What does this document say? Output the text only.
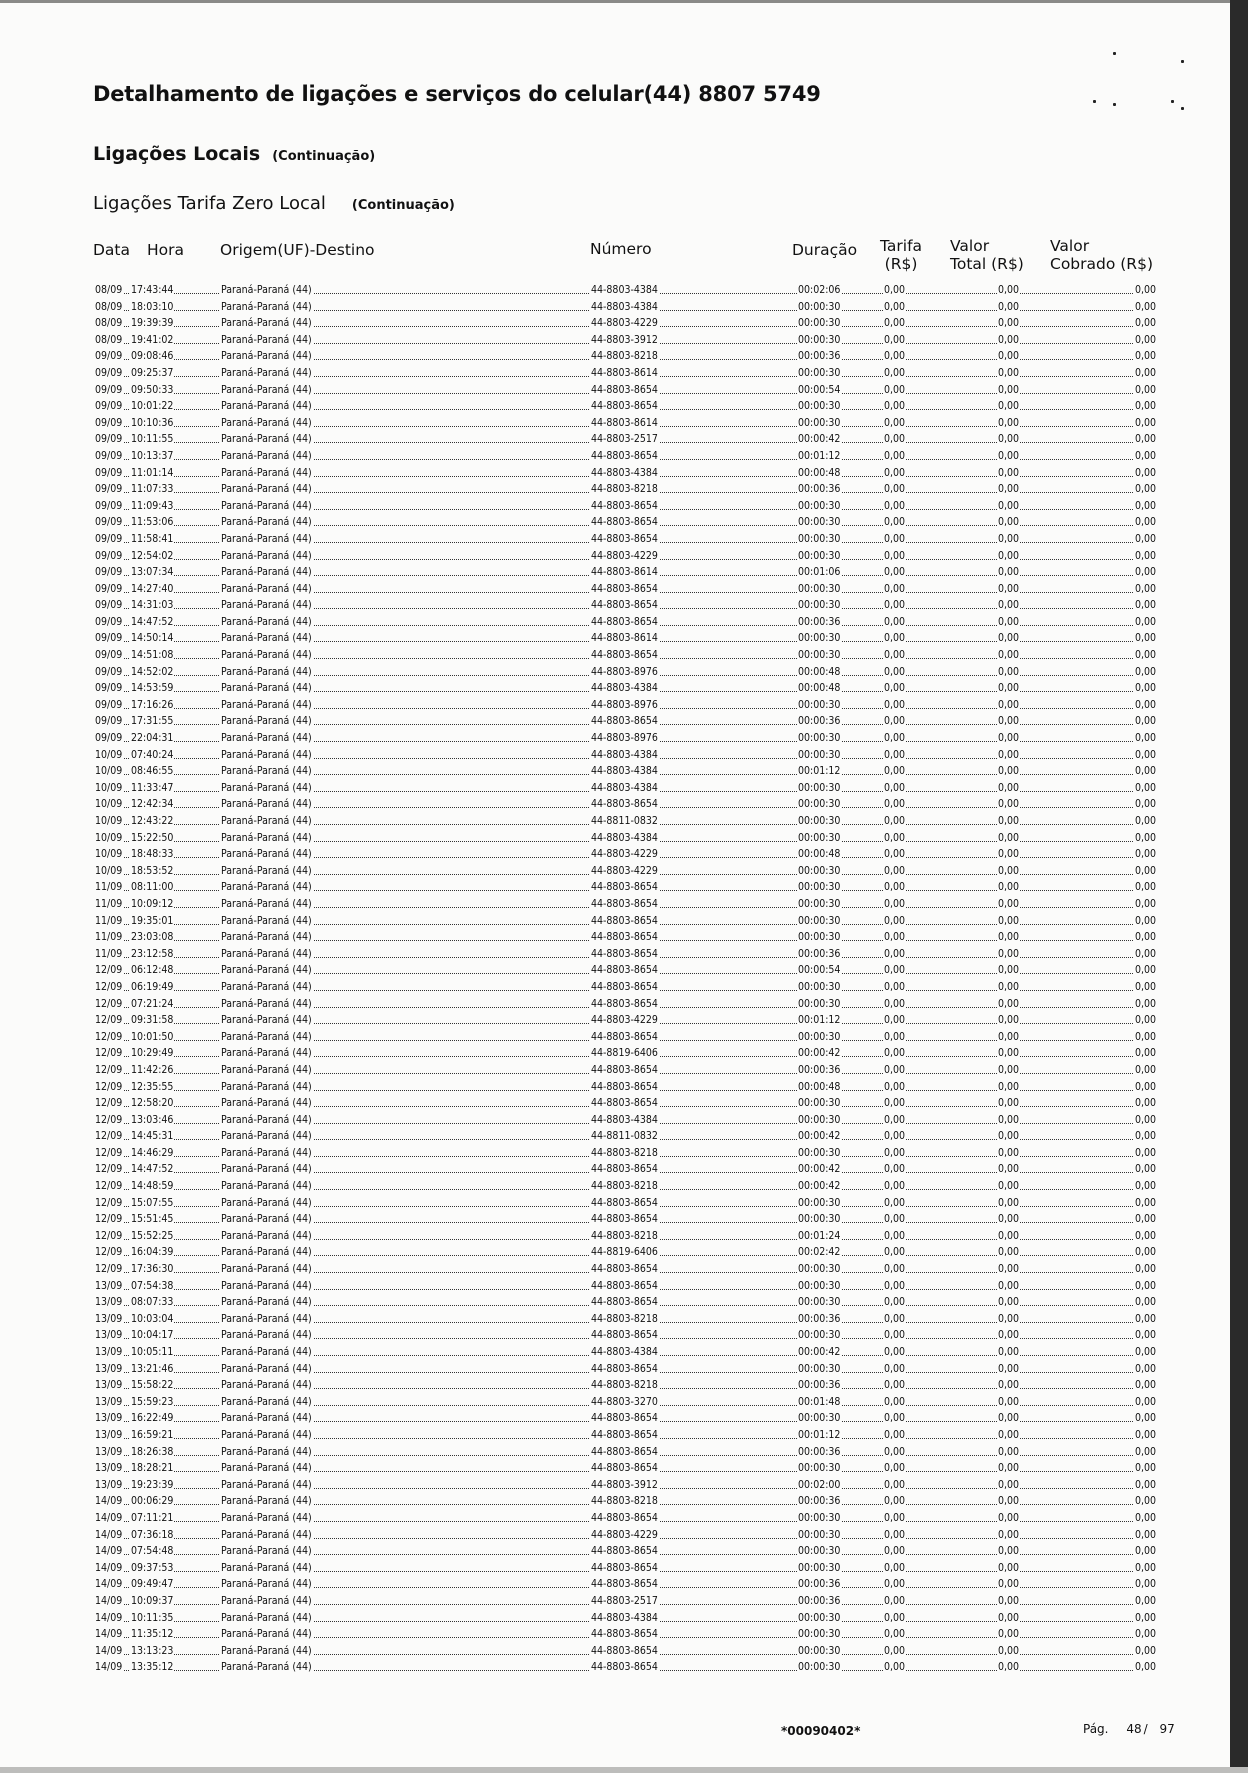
Detalhamento de ligações e serviços do celular(44) 8807 5749
Ligações Locais (Continuação)
Ligações Tarifa Zero Local (Continuação)
Data Hora Origem(UF)-Destino	Número	Duração Tarifa
(R$)
Valor
Total (R$)
Valor
Cobrado (R$)
08/09 17:43:44	Paraná-Paraná (44)	44-8803-4384	00:02:06	0,00	0,00	0,00
08/09 18:03:10	Paraná-Paraná (44)	44-8803-4384	00:00:30	0,00	0,00	0,00
08/09 19:39:39	Paraná-Paraná (44)	44-8803-4229	00:00:30	0,00	0,00	0,00
08/09 19:41:02	Paraná-Paraná (44)	44-8803-3912	00:00:30	0,00	0,00	0,00
09/09 09:08:46	Paraná-Paraná (44)	44-8803-8218	00:00:36	0,00	0,00	0,00
09/09 09:25:37	Paraná-Paraná (44)	44-8803-8614	00:00:30	0,00	0,00	0,00
09/09 09:50:33	Paraná-Paraná (44)	44-8803-8654	00:00:54	0,00	0,00	0,00
09/09 10:01:22	Paraná-Paraná (44)	44-8803-8654	00:00:30	0,00	0,00	0,00
09/09 10:10:36	Paraná-Paraná (44)	44-8803-8614	00:00:30	0,00	0,00	0,00
09/09 10:11:55	Paraná-Paraná (44)	44-8803-2517	00:00:42	0,00	0,00	0,00
09/09 10:13:37	Paraná-Paraná (44)	44-8803-8654	00:01:12	0,00	0,00	0,00
09/09 11:01:14	Paraná-Paraná (44)	44-8803-4384	00:00:48	0,00	0,00	0,00
09/09 11:07:33	Paraná-Paraná (44)	44-8803-8218	00:00:36	0,00	0,00	0,00
09/09 11:09:43	Paraná-Paraná (44)	44-8803-8654	00:00:30	0,00	0,00	0,00
09/09 11:53:06	Paraná-Paraná (44)	44-8803-8654	00:00:30	0,00	0,00	0,00
09/09 11:58:41	Paraná-Paraná (44)	44-8803-8654	00:00:30	0,00	0,00	0,00
09/09 12:54:02	Paraná-Paraná (44)	44-8803-4229	00:00:30	0,00	0,00	0,00
09/09 13:07:34	Paraná-Paraná (44)	44-8803-8614	00:01:06	0,00	0,00	0,00
09/09 14:27:40	Paraná-Paraná (44)	44-8803-8654	00:00:30	0,00	0,00	0,00
09/09 14:31:03	Paraná-Paraná (44)	44-8803-8654	00:00:30	0,00	0,00	0,00
09/09 14:47:52	Paraná-Paraná (44)	44-8803-8654	00:00:36	0,00	0,00	0,00
09/09 14:50:14	Paraná-Paraná (44)	44-8803-8614	00:00:30	0,00	0,00	0,00
09/09 14:51:08	Paraná-Paraná (44)	44-8803-8654	00:00:30	0,00	0,00	0,00
09/09 14:52:02	Paraná-Paraná (44)	44-8803-8976	00:00:48	0,00	0,00	0,00
09/09 14:53:59	Paraná-Paraná (44)	44-8803-4384	00:00:48	0,00	0,00	0,00
09/09 17:16:26	Paraná-Paraná (44)	44-8803-8976	00:00:30	0,00	0,00	0,00
09/09 17:31:55	Paraná-Paraná (44)	44-8803-8654	00:00:36	0,00	0,00	0,00
09/09 22:04:31	Paraná-Paraná (44)	44-8803-8976	00:00:30	0,00	0,00	0,00
10/09 07:40:24	Paraná-Paraná (44)	44-8803-4384	00:00:30	0,00	0,00	0,00
10/09 08:46:55	Paraná-Paraná (44)	44-8803-4384	00:01:12	0,00	0,00	0,00
10/09 11:33:47	Paraná-Paraná (44)	44-8803-4384	00:00:30	0,00	0,00	0,00
10/09 12:42:34	Paraná-Paraná (44)	44-8803-8654	00:00:30	0,00	0,00	0,00
10/09 12:43:22	Paraná-Paraná (44)	44-8811-0832	00:00:30	0,00	0,00	0,00
10/09 15:22:50	Paraná-Paraná (44)	44-8803-4384	00:00:30	0,00	0,00	0,00
10/09 18:48:33	Paraná-Paraná (44)	44-8803-4229	00:00:48	0,00	0,00	0,00
10/09 18:53:52	Paraná-Paraná (44)	44-8803-4229	00:00:30	0,00	0,00	0,00
11/09 08:11:00	Paraná-Paraná (44)	44-8803-8654	00:00:30	0,00	0,00	0,00
11/09 10:09:12	Paraná-Paraná (44)	44-8803-8654	00:00:30	0,00	0,00	0,00
11/09 19:35:01	Paraná-Paraná (44)	44-8803-8654	00:00:30	0,00	0,00	0,00
11/09 23:03:08	Paraná-Paraná (44)	44-8803-8654	00:00:30	0,00	0,00	0,00
11/09 23:12:58	Paraná-Paraná (44)	44-8803-8654	00:00:36	0,00	0,00	0,00
12/09 06:12:48	Paraná-Paraná (44)	44-8803-8654	00:00:54	0,00	0,00	0,00
12/09 06:19:49	Paraná-Paraná (44)	44-8803-8654	00:00:30	0,00	0,00	0,00
12/09 07:21:24	Paraná-Paraná (44)	44-8803-8654	00:00:30	0,00	0,00	0,00
12/09 09:31:58	Paraná-Paraná (44)	44-8803-4229	00:01:12	0,00	0,00	0,00
12/09 10:01:50	Paraná-Paraná (44)	44-8803-8654	00:00:30	0,00	0,00	0,00
12/09 10:29:49	Paraná-Paraná (44)	44-8819-6406	00:00:42	0,00	0,00	0,00
12/09 11:42:26	Paraná-Paraná (44)	44-8803-8654	00:00:36	0,00	0,00	0,00
12/09 12:35:55	Paraná-Paraná (44)	44-8803-8654	00:00:48	0,00	0,00	0,00
12/09 12:58:20	Paraná-Paraná (44)	44-8803-8654	00:00:30	0,00	0,00	0,00
12/09 13:03:46	Paraná-Paraná (44)	44-8803-4384	00:00:30	0,00	0,00	0,00
12/09 14:45:31	Paraná-Paraná (44)	44-8811-0832	00:00:42	0,00	0,00	0,00
12/09 14:46:29	Paraná-Paraná (44)	44-8803-8218	00:00:30	0,00	0,00	0,00
12/09 14:47:52	Paraná-Paraná (44)	44-8803-8654	00:00:42	0,00	0,00	0,00
12/09 14:48:59	Paraná-Paraná (44)	44-8803-8218	00:00:42	0,00	0,00	0,00
12/09 15:07:55	Paraná-Paraná (44)	44-8803-8654	00:00:30	0,00	0,00	0,00
12/09 15:51:45	Paraná-Paraná (44)	44-8803-8654	00:00:30	0,00	0,00	0,00
12/09 15:52:25	Paraná-Paraná (44)	44-8803-8218	00:01:24	0,00	0,00	0,00
12/09 16:04:39	Paraná-Paraná (44)	44-8819-6406	00:02:42	0,00	0,00	0,00
12/09 17:36:30	Paraná-Paraná (44)	44-8803-8654	00:00:30	0,00	0,00	0,00
13/09 07:54:38	Paraná-Paraná (44)	44-8803-8654	00:00:30	0,00	0,00	0,00
13/09 08:07:33	Paraná-Paraná (44)	44-8803-8654	00:00:30	0,00	0,00	0,00
13/09 10:03:04	Paraná-Paraná (44)	44-8803-8218	00:00:36	0,00	0,00	0,00
13/09 10:04:17	Paraná-Paraná (44)	44-8803-8654	00:00:30	0,00	0,00	0,00
13/09 10:05:11	Paraná-Paraná (44)	44-8803-4384	00:00:42	0,00	0,00	0,00
13/09 13:21:46	Paraná-Paraná (44)	44-8803-8654	00:00:30	0,00	0,00	0,00
13/09 15:58:22	Paraná-Paraná (44)	44-8803-8218	00:00:36	0,00	0,00	0,00
13/09 15:59:23	Paraná-Paraná (44)	44-8803-3270	00:01:48	0,00	0,00	0,00
13/09 16:22:49	Paraná-Paraná (44)	44-8803-8654	00:00:30	0,00	0,00	0,00
13/09 16:59:21	Paraná-Paraná (44)	44-8803-8654	00:01:12	0,00	0,00	0,00
13/09 18:26:38	Paraná-Paraná (44)	44-8803-8654	00:00:36	0,00	0,00	0,00
13/09 18:28:21	Paraná-Paraná (44)	44-8803-8654	00:00:30	0,00	0,00	0,00
13/09 19:23:39	Paraná-Paraná (44)	44-8803-3912	00:02:00	0,00	0,00	0,00
14/09 00:06:29	Paraná-Paraná (44)	44-8803-8218	00:00:36	0,00	0,00	0,00
14/09 07:11:21	Paraná-Paraná (44)	44-8803-8654	00:00:30	0,00	0,00	0,00
14/09 07:36:18	Paraná-Paraná (44)	44-8803-4229	00:00:30	0,00	0,00	0,00
14/09 07:54:48	Paraná-Paraná (44)	44-8803-8654	00:00:30	0,00	0,00	0,00
14/09 09:37:53	Paraná-Paraná (44)	44-8803-8654	00:00:30	0,00	0,00	0,00
14/09 09:49:47	Paraná-Paraná (44)	44-8803-8654	00:00:36	0,00	0,00	0,00
14/09 10:09:37	Paraná-Paraná (44)	44-8803-2517	00:00:36	0,00	0,00	0,00
14/09 10:11:35	Paraná-Paraná (44)	44-8803-4384	00:00:30	0,00	0,00	0,00
14/09 11:35:12	Paraná-Paraná (44)	44-8803-8654	00:00:30	0,00	0,00	0,00
14/09 13:13:23	Paraná-Paraná (44)	44-8803-8654	00:00:30	0,00	0,00	0,00
14/09 13:35:12	Paraná-Paraná (44)	44-8803-8654	00:00:30	0,00	0,00	0,00
*00090402*	Pág. 48 / 97
